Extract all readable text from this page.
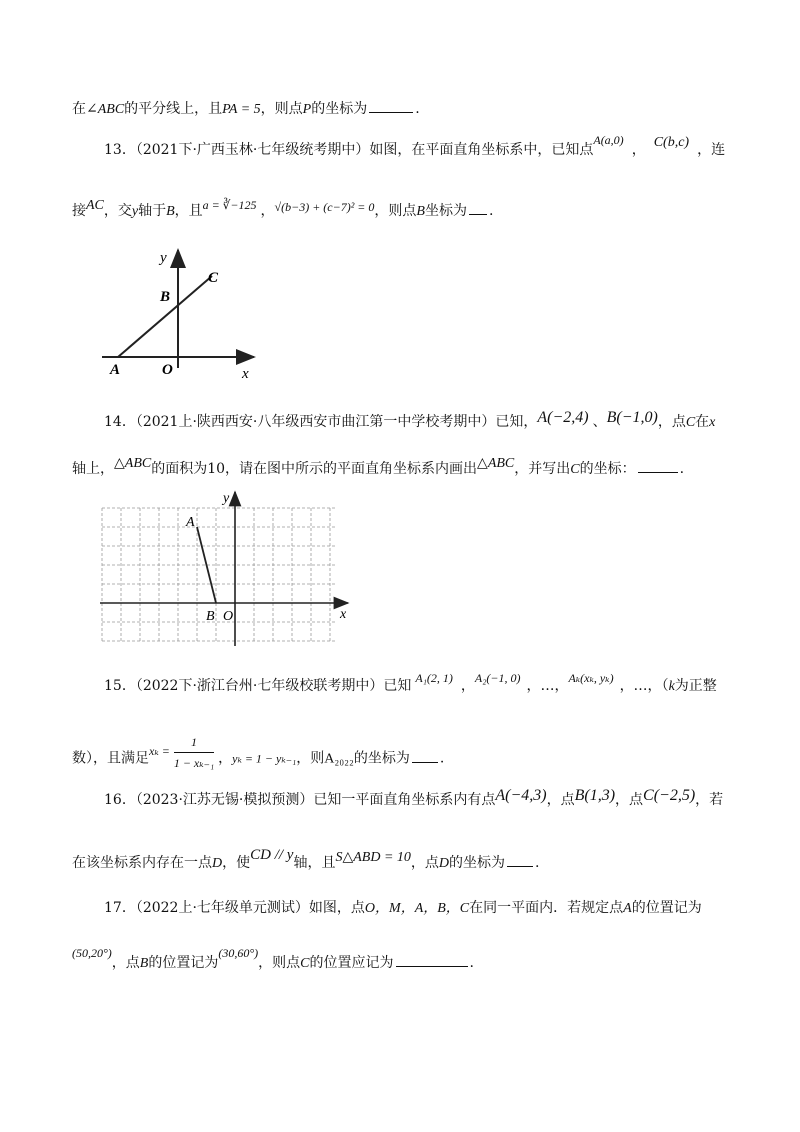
在∠ABC的平分线上，且PA = 5，则点P的坐标为	.
13．（2021下·广西玉林·七年级统考期中）如图，在平面直角坐标系中，已知点A(a,0)， C(b,c) ，连
接AC，交y轴于B，且a = ∛−125 ，√(b−3) + (c−7)² = 0，则点B坐标为 .
y
x
B
C
A	O
14．（2021上·陕西西安·八年级西安市曲江第一中学校考期中）已知，A(−2,4) 、B(−1,0)，点C在x
轴上，△ABC的面积为10，请在图中所示的平面直角坐标系内画出△ABC，并写出C的坐标：	.
y
x
A
B O
15．（2022下·浙江台州·七年级校联考期中）已知 A₁(2, 1) ，A₂(−1, 0) ，…，Aₖ(xₖ, yₖ) ，…，（k为正整
数），且满足$x_k = \frac{1}{\text{1 − xₖ₋₁}}$ ，yₖ = 1 − yₖ₋₁，则A₂₀₂₂的坐标为 .
16．（2023·江苏无锡·模拟预测）已知一平面直角坐标系内有点A(−4,3)，点B(1,3)，点C(−2,5)，若
在该坐标系内存在一点D，使CD // y轴，且S△ABD = 10，点D的坐标为 .
17．（2022上·七年级单元测试）如图，点O，M，A，B，C在同一平面内．若规定点A的位置记为
(50,20°)，点B的位置记为(30,60°)，则点C的位置应记为	.
